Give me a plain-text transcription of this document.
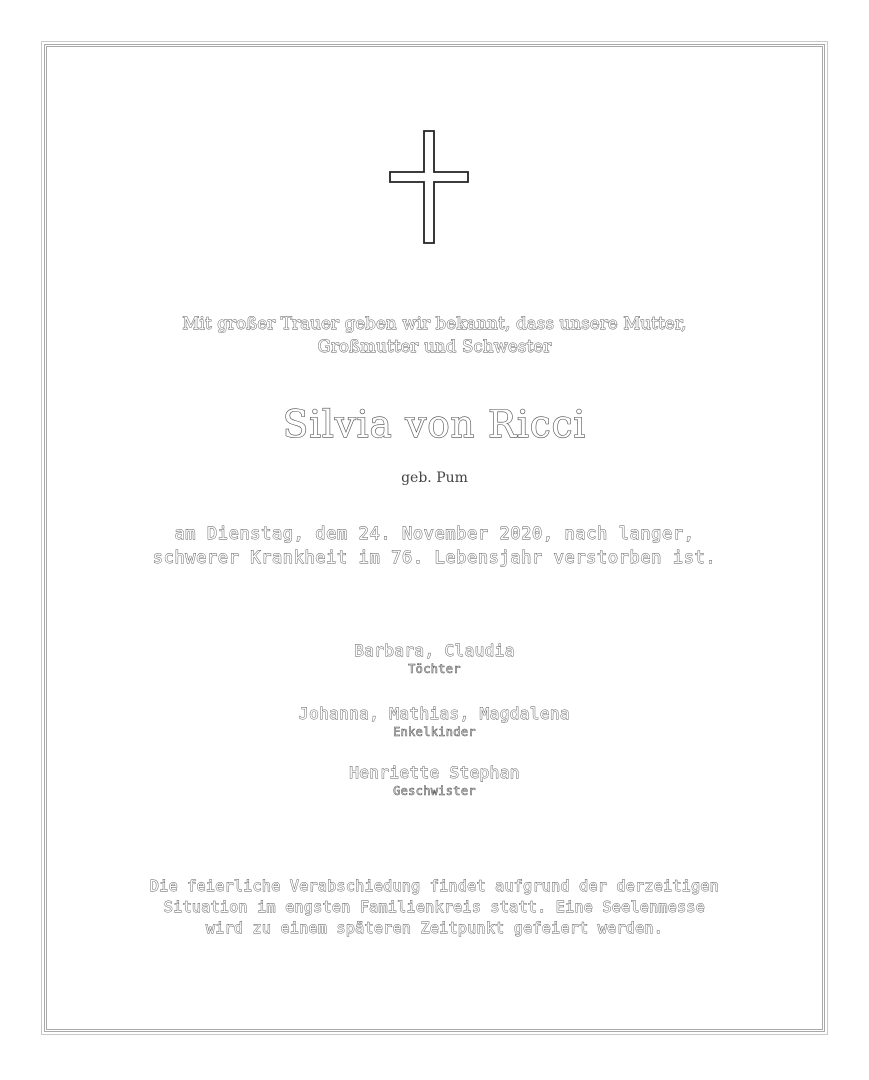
Mit großer Trauer geben wir bekannt, dass unsere Mutter,
Großmutter und Schwester
Silvia von Ricci
geb. Pum
am Dienstag, dem 24. November 2020, nach langer,
schwerer Krankheit im 76. Lebensjahr verstorben ist.
Barbara, Claudia
Töchter
Johanna, Mathias, Magdalena
Enkelkinder
Henriette Stephan
Geschwister
Die feierliche Verabschiedung findet aufgrund der derzeitigen
Situation im engsten Familienkreis statt. Eine Seelenmesse
wird zu einem späteren Zeitpunkt gefeiert werden.
